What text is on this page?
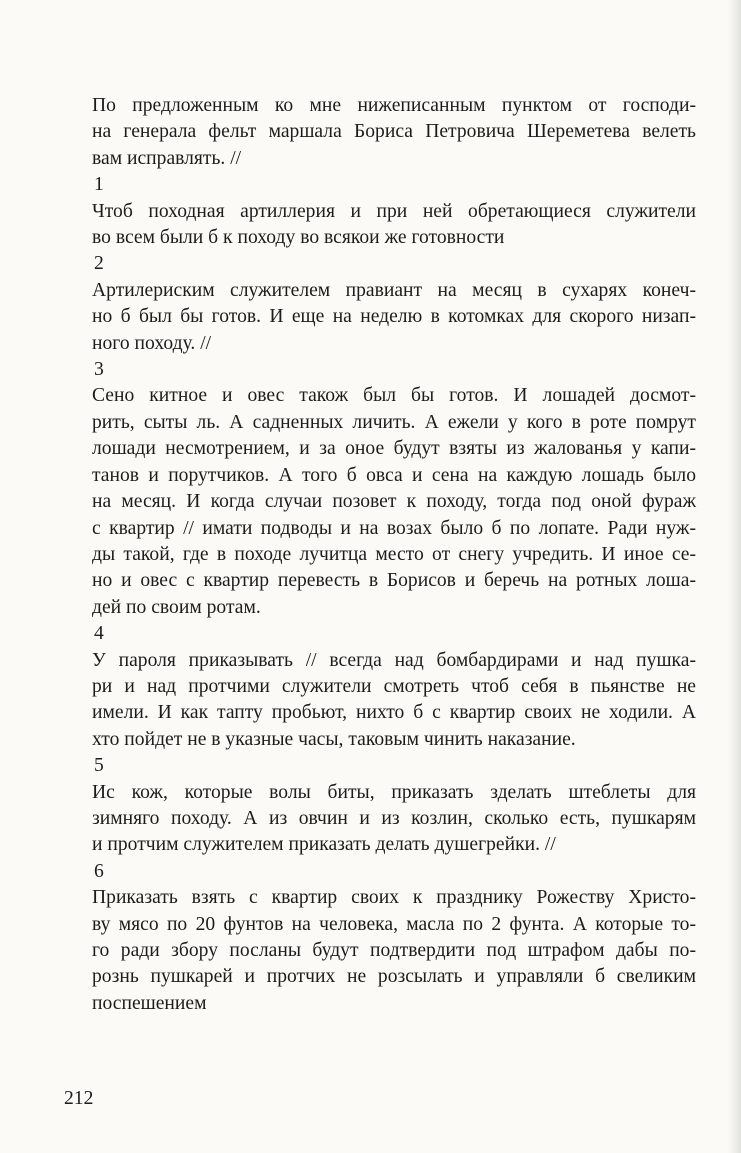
По предложенным ко мне нижеписанным пунктом от господи-
на генерала фельт маршала Бориса Петровича Шереметева велеть
вам исправлять. //

1

Чтоб походная артиллерия и при ней обретающиеся служители
во всем были б к походу во всякои же готовности

2

Артилериским служителем правиант на месяц в сухарях конеч-
но б был бы готов. И еще на неделю в котомках для скорого низап-
ного походу. //

3

Сено китное и овес також был бы готов. И лошадей досмот-
рить, сыты ль. А садненных личить. А ежели у кого в роте помрут
лошади несмотрением, и за оное будут взяты из жалованья у капи-
танов и порутчиков. А того б овса и сена на каждую лошадь было
на месяц. И когда случаи позовет к походу, тогда под оной фураж
с квартир // имати подводы и на возах было б по лопате. Ради нуж-
ды такой, где в походе лучитца место от снегу учредить. И иное се-
но и овес с квартир перевесть в Борисов и беречь на ротных лоша-
дей по своим ротам.

4

У пароля приказывать // всегда над бомбардирами и над пушка-
ри и над протчими служители смотреть чтоб себя в пьянстве не
имели. И как тапту пробьют, нихто б с квартир своих не ходили. А
хто пойдет не в указные часы, таковым чинить наказание.

5

Ис кож, которые волы биты, приказать зделать штеблеты для
зимняго походу. А из овчин и из козлин, сколько есть, пушкарям
и протчим служителем приказать делать душегрейки. //

6

Приказать взять с квартир своих к празднику Рожеству Христо-
ву мясо по 20 фунтов на человека, масла по 2 фунта. А которые то-
го ради збору посланы будут подтвердити под штрафом дабы по-
рознь пушкарей и протчих не розсылать и управляли б свеликим
поспешением

212
